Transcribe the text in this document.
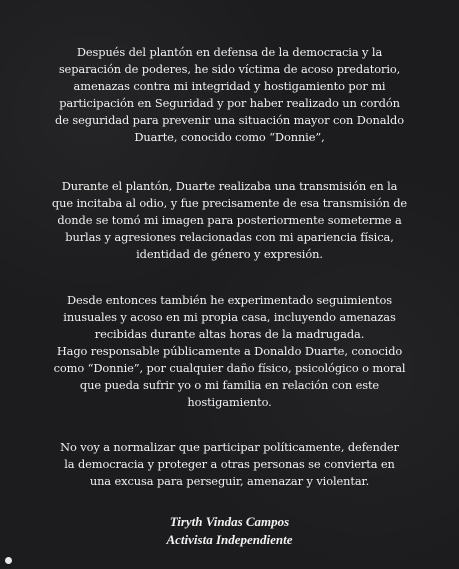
Después del plantón en defensa de la democracia y la
separación de poderes, he sido víctima de acoso predatorio,
amenazas contra mi integridad y hostigamiento por mi
participación en Seguridad y por haber realizado un cordón
de seguridad para prevenir una situación mayor con Donaldo
Duarte, conocido como “Donnie”,

Durante el plantón, Duarte realizaba una transmisión en la
que incitaba al odio, y fue precisamente de esa transmisión de
donde se tomó mi imagen para posteriormente someterme a
burlas y agresiones relacionadas con mi apariencia física,
identidad de género y expresión.

Desde entonces también he experimentado seguimientos
inusuales y acoso en mi propia casa, incluyendo amenazas
recibidas durante altas horas de la madrugada.
Hago responsable públicamente a Donaldo Duarte, conocido
como “Donnie”, por cualquier daño físico, psicológico o moral
que pueda sufrir yo o mi familia en relación con este
hostigamiento.

No voy a normalizar que participar políticamente, defender
la democracia y proteger a otras personas se convierta en
una excusa para perseguir, amenazar y violentar.

Tiryth Vindas Campos

Activista Independiente
